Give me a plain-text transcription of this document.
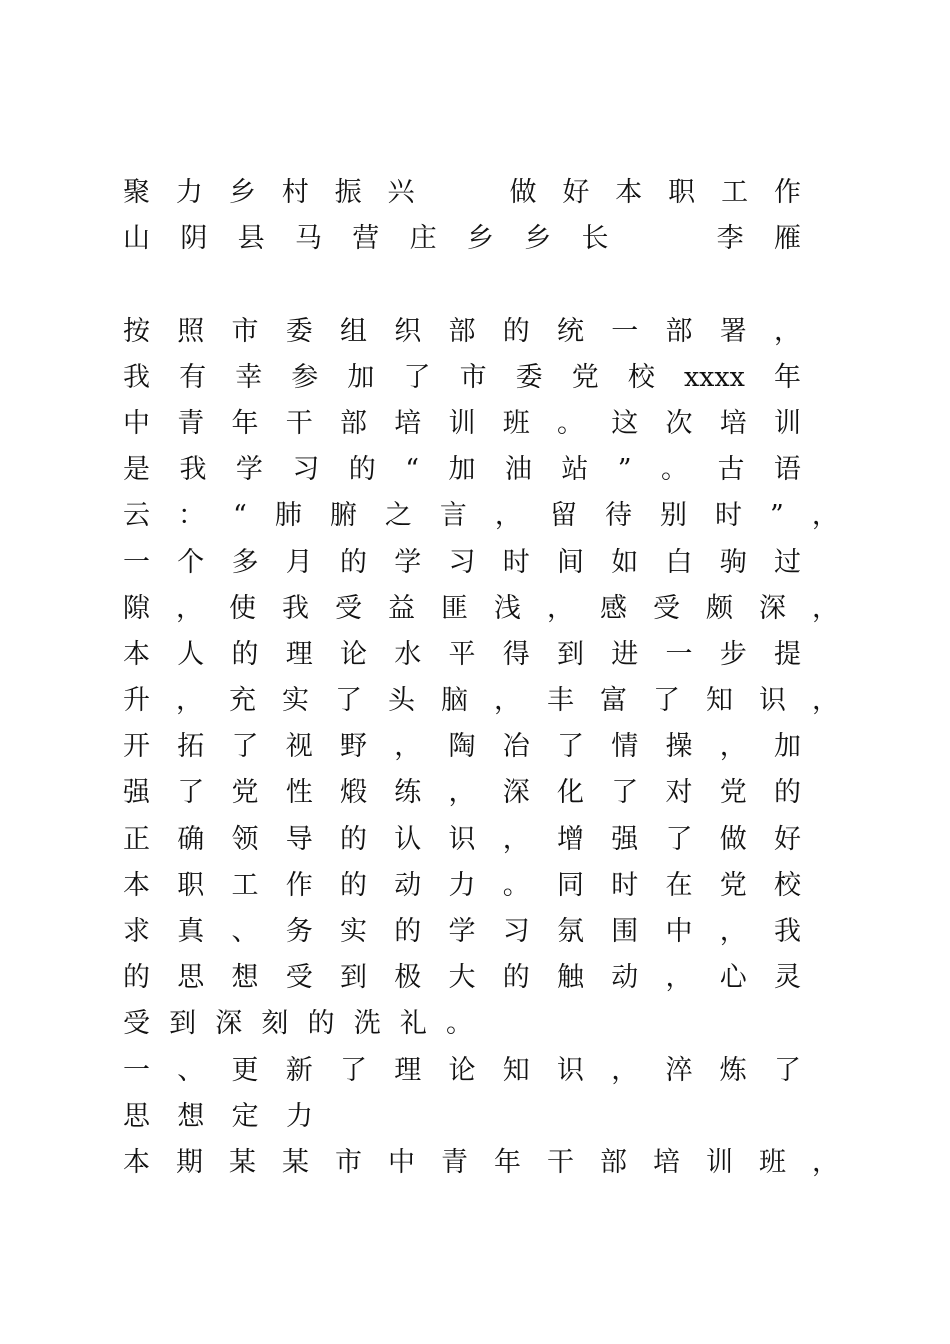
聚 力 乡 村 振 兴

	做 好 本 职 工 作
山 阴 县 马 营 庄 乡 乡 长

	李 雁
按 照 市 委 组 织 部 的 统 一 部 署 ，
我 有 幸 参 加 了 市 委 党 校 xxxx 年
中 青 年 干 部 培 训 班 。 这 次 培 训
是 我 学 习 的 “ 加 油 站 ” 。 古 语
云 ： “ 肺 腑 之 言 ， 留 待 别 时 ” ，
一 个 多 月 的 学 习 时 间 如 白 驹 过
隙 ， 使 我 受 益 匪 浅 ， 感 受 颇 深 ，
本 人 的 理 论 水 平 得 到 进 一 步 提
升 ， 充 实 了 头 脑 ， 丰 富 了 知 识 ，
开 拓 了 视 野 ， 陶 冶 了 情 操 ， 加
强 了 党 性 煅 练 ， 深 化 了 对 党 的
正 确 领 导 的 认 识 ， 增 强 了 做 好
本 职 工 作 的 动 力 。 同 时 在 党 校
求 真 、 务 实 的 学 习 氛 围 中 ， 我
的 思 想 受 到 极 大 的 触 动 ， 心 灵
受 到 深 刻 的 洗 礼 。
一 、 更 新 了 理 论 知 识 ， 淬 炼 了
思 想 定 力
本 期 某 某 市 中 青 年 干 部 培 训 班 ，
